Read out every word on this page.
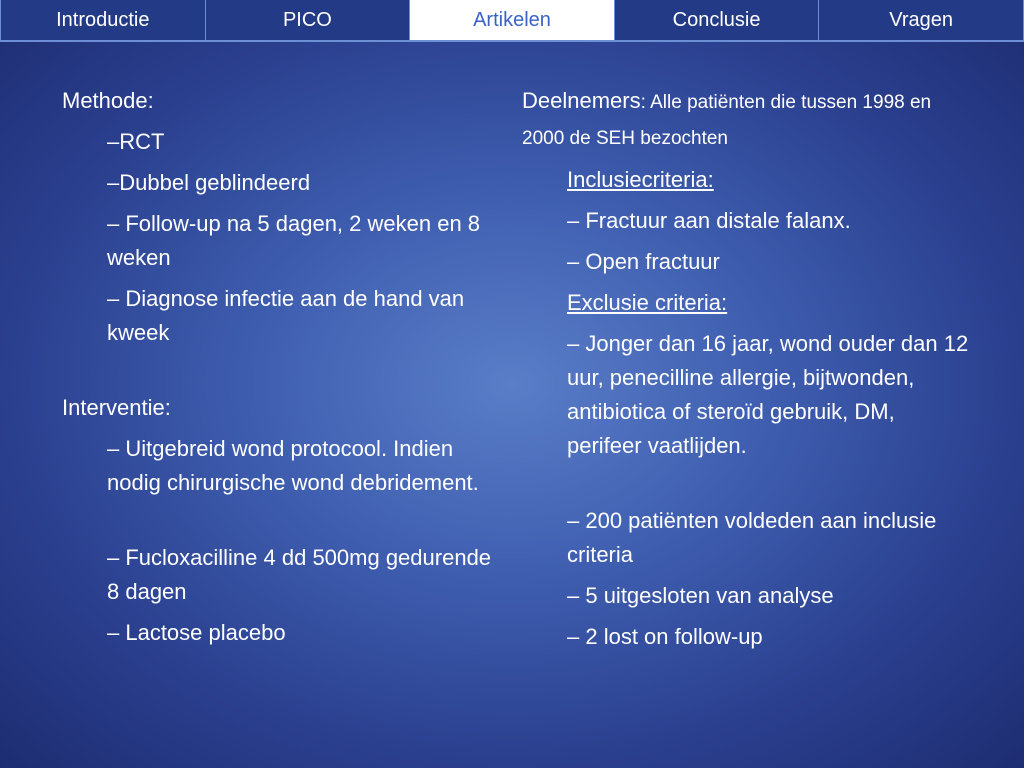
Introductie	PICO	Artikelen	Conclusie	Vragen
Methode:
–RCT
–Dubbel geblindeerd
– Follow-up na 5 dagen, 2 weken en 8 weken
– Diagnose infectie aan de hand van kweek
Interventie:
– Uitgebreid wond protocool. Indien nodig chirurgische wond debridement.
– Fucloxacilline 4 dd 500mg gedurende 8 dagen
– Lactose placebo
Deelnemers: Alle patiënten die tussen 1998 en 2000 de SEH bezochten
Inclusiecriteria:
– Fractuur aan distale falanx.
– Open fractuur
Exclusie criteria:
– Jonger dan 16 jaar, wond ouder dan 12 uur, penecilline allergie, bijtwonden, antibiotica of steroïd gebruik, DM, perifeer vaatlijden.
– 200 patiënten voldeden aan inclusie criteria
– 5 uitgesloten van analyse
– 2 lost on follow-up
